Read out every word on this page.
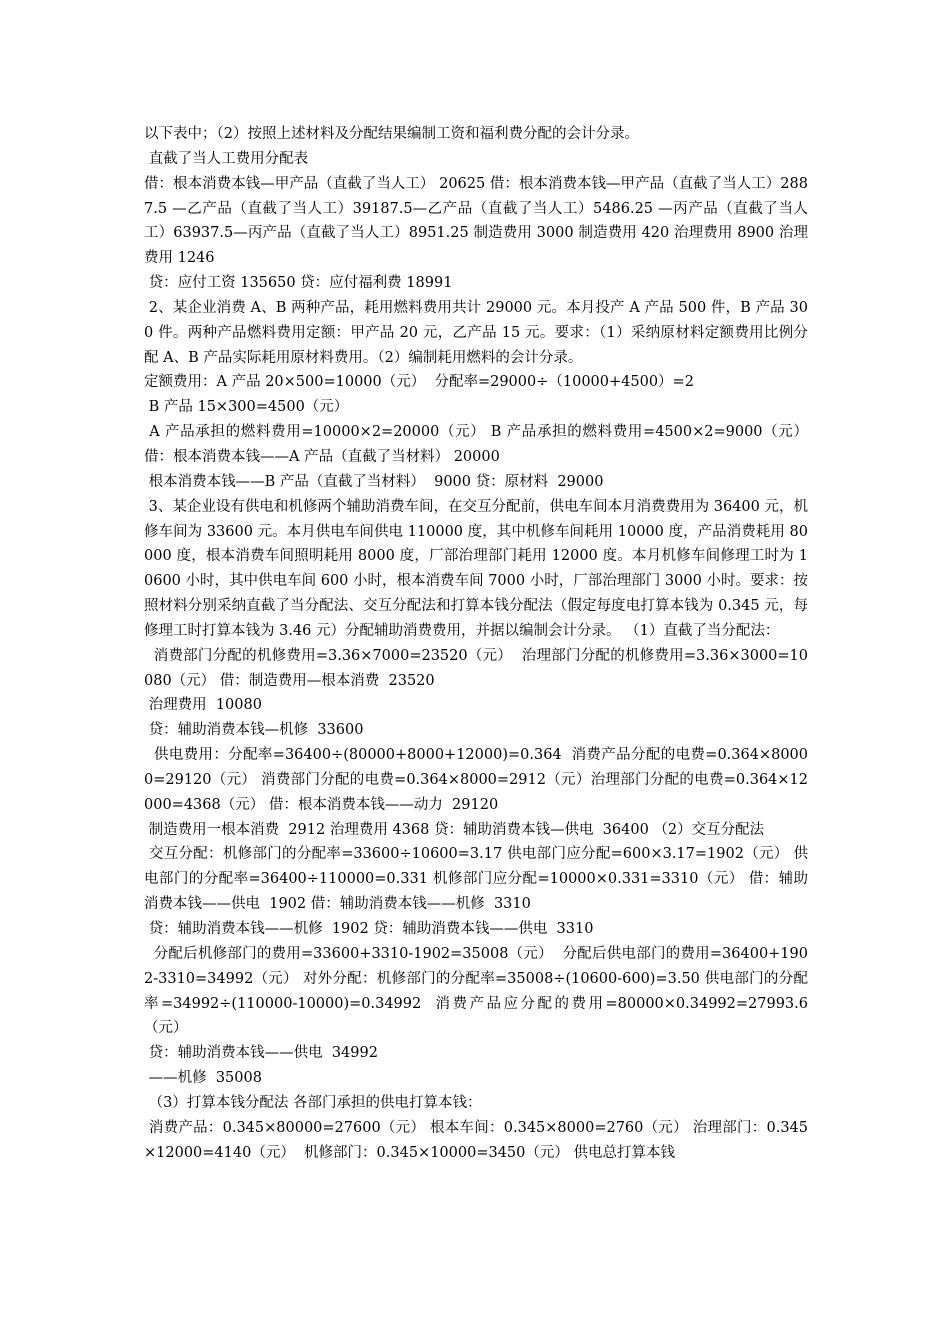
以下表中；（2）按照上述材料及分配结果编制工资和福利费分配的会计分录。

直截了当人工费用分配表

借：根本消费本钱—甲产品（直截了当人工） 20625 借：根本消费本钱—甲产品（直截了当人工）2887.5 —乙产品（直截了当人工）39187.5—乙产品（直截了当人工）5486.25 —丙产品（直截了当人工）63937.5—丙产品（直截了当人工）8951.25 制造费用 3000 制造费用 420 治理费用 8900 治理费用 1246

贷：应付工资 135650 贷：应付福利费 18991

2、某企业消费 A、B 两种产品，耗用燃料费用共计 29000 元。本月投产 A 产品 500 件，B 产品 300 件。两种产品燃料费用定额：甲产品 20 元，乙产品 15 元。要求：（1）采纳原材料定额费用比例分配 A、B 产品实际耗用原材料费用。（2）编制耗用燃料的会计分录。

定额费用：A 产品 20×500=10000（元）  分配率=29000÷（10000+4500）=2

B 产品 15×300=4500（元）

A 产品承担的燃料费用=10000×2=20000（元） B 产品承担的燃料费用=4500×2=9000（元） 借：根本消费本钱——A 产品（直截了当材料） 20000

根本消费本钱——B 产品（直截了当材料）  9000 贷：原材料  29000

3、某企业设有供电和机修两个辅助消费车间，在交互分配前，供电车间本月消费费用为 36400 元，机修车间为 33600 元。本月供电车间供电 110000 度，其中机修车间耗用 10000 度，产品消费耗用 80000 度，根本消费车间照明耗用 8000 度，厂部治理部门耗用 12000 度。本月机修车间修理工时为 10600 小时，其中供电车间 600 小时，根本消费车间 7000 小时，厂部治理部门 3000 小时。要求：按照材料分别采纳直截了当分配法、交互分配法和打算本钱分配法（假定每度电打算本钱为 0.345 元，每修理工时打算本钱为 3.46 元）分配辅助消费费用，并据以编制会计分录。 （1）直截了当分配法：

消费部门分配的机修费用=3.36×7000=23520（元）  治理部门分配的机修费用=3.36×3000=10080（元） 借：制造费用—根本消费  23520

治理费用  10080

贷：辅助消费本钱—机修  33600

供电费用：分配率=36400÷(80000+8000+12000)=0.364  消费产品分配的电费=0.364×80000=29120（元） 消费部门分配的电费=0.364×8000=2912（元）治理部门分配的电费=0.364×12000=4368（元） 借：根本消费本钱——动力  29120

制造费用一根本消费  2912 治理费用 4368 贷：辅助消费本钱—供电  36400 （2）交互分配法

交互分配：机修部门的分配率=33600÷10600=3.17 供电部门应分配=600×3.17=1902（元） 供电部门的分配率=36400÷110000=0.331 机修部门应分配=10000×0.331=3310（元） 借：辅助消费本钱——供电  1902 借：辅助消费本钱——机修  3310

贷：辅助消费本钱——机修  1902 贷：辅助消费本钱——供电  3310

分配后机修部门的费用=33600+3310-1902=35008（元）  分配后供电部门的费用=36400+1902-3310=34992（元） 对外分配：机修部门的分配率=35008÷(10600-600)=3.50 供电部门的分配率=34992÷(110000-10000)=0.34992  消费产品应分配的费用=80000×0.34992=27993.6（元）

贷：辅助消费本钱——供电  34992

——机修  35008

（3）打算本钱分配法 各部门承担的供电打算本钱：

消费产品：0.345×80000=27600（元） 根本车间：0.345×8000=2760（元） 治理部门：0.345×12000=4140（元）  机修部门：0.345×10000=3450（元） 供电总打算本钱
